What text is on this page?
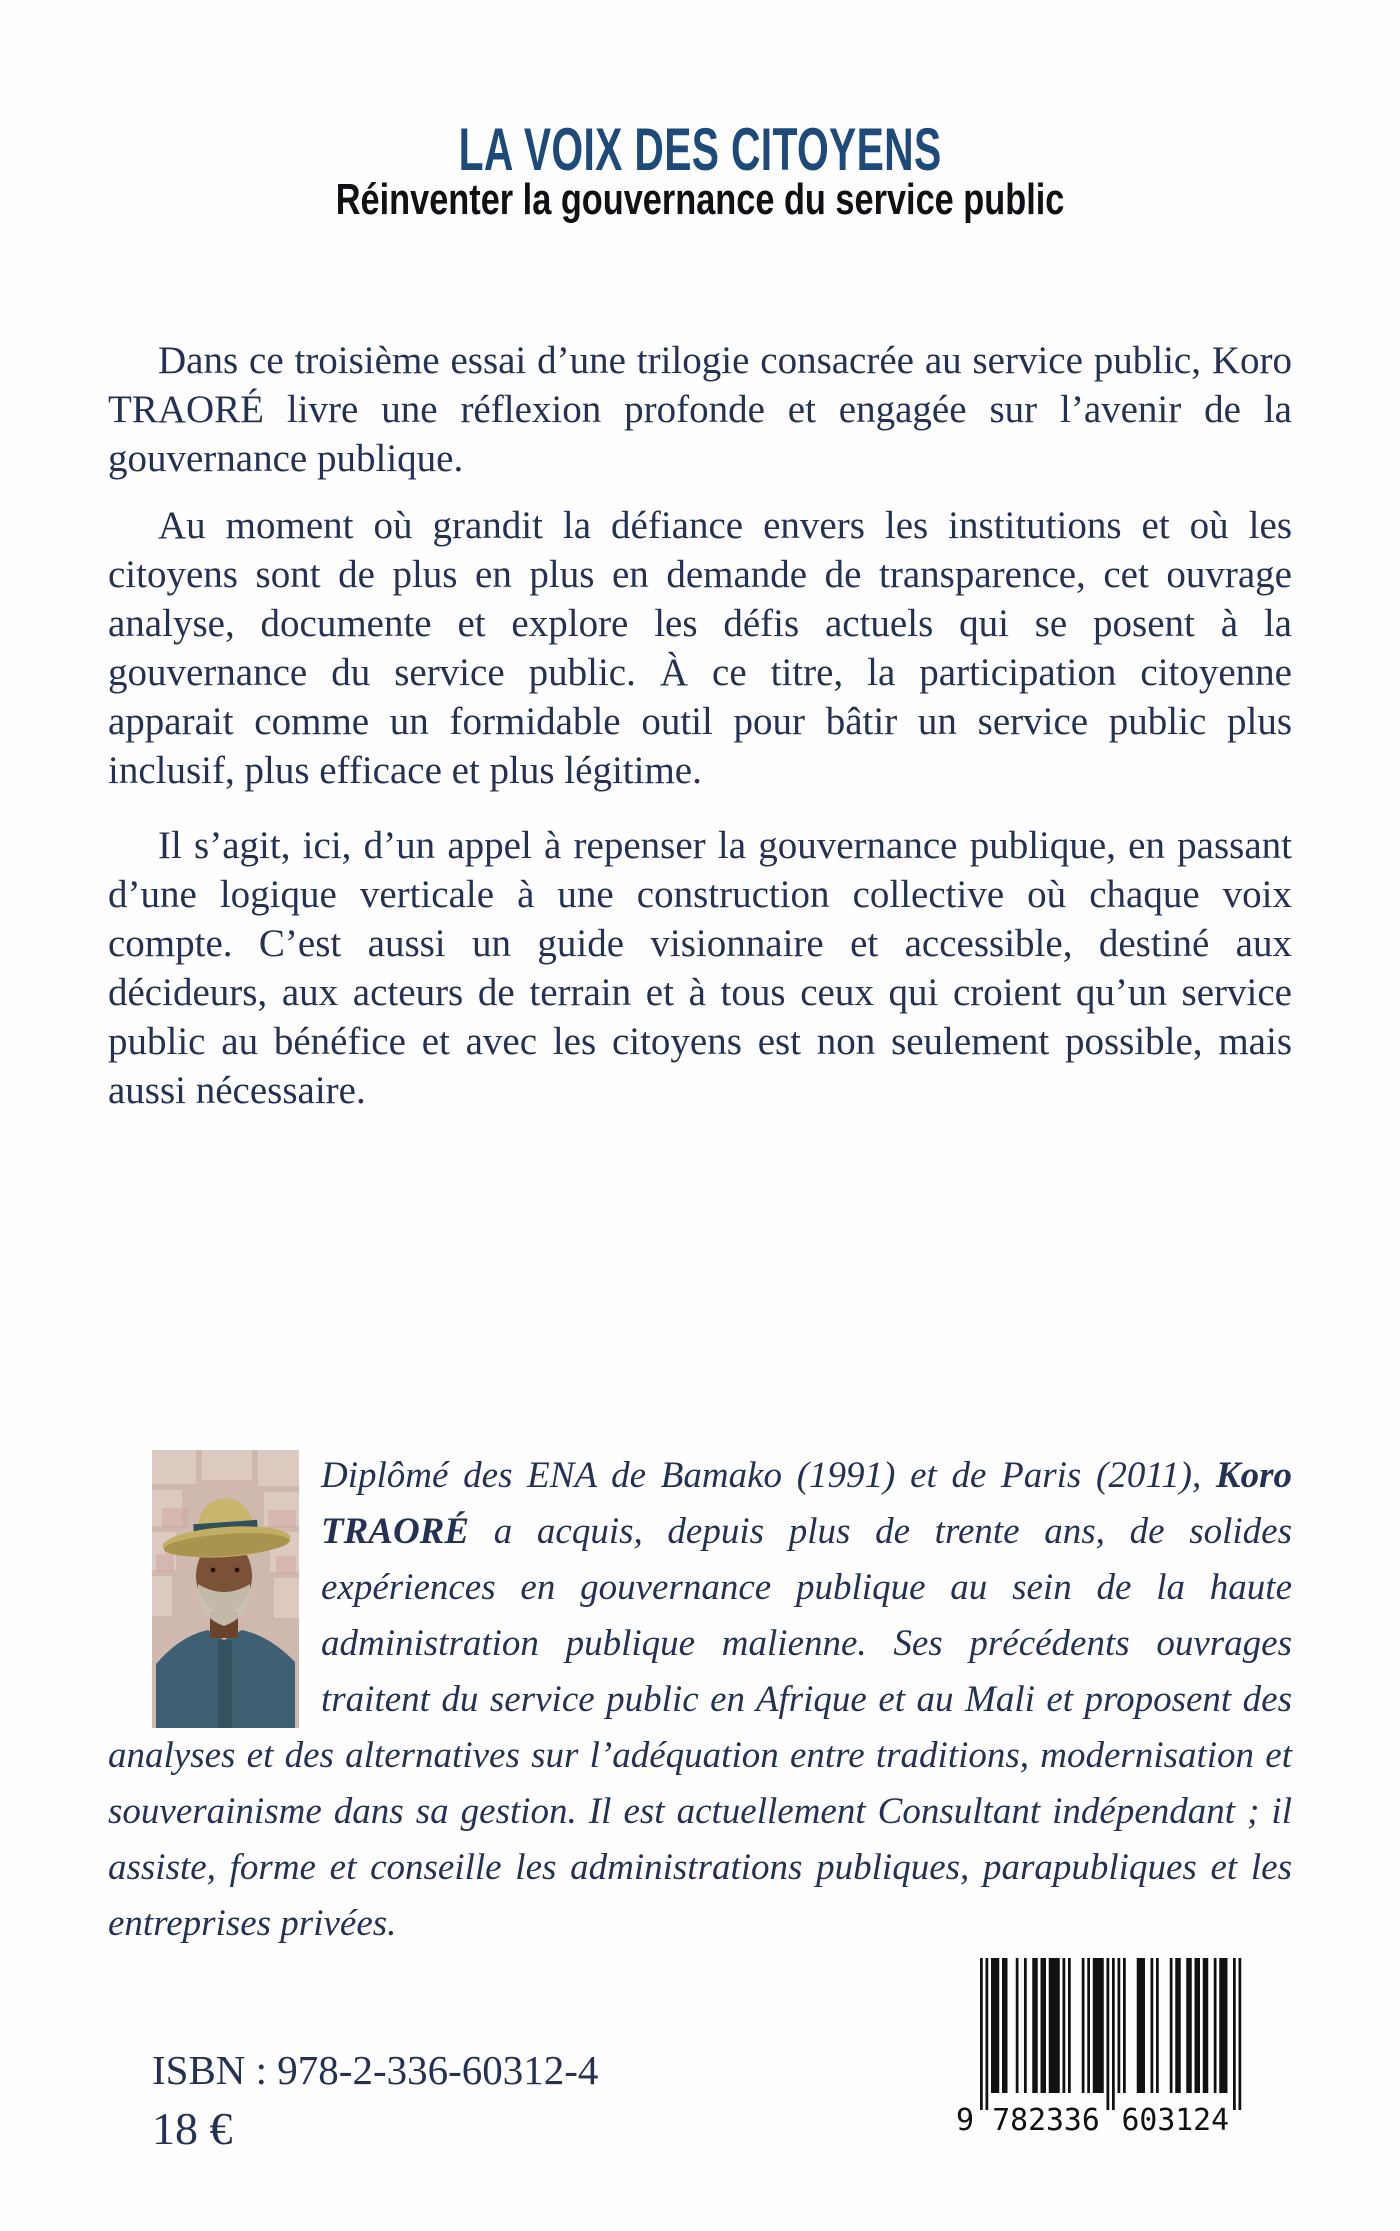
LA VOIX DES CITOYENS
Réinventer la gouvernance du service public

Dans ce troisième essai d’une trilogie consacrée au service public, Koro TRAORÉ livre une réflexion profonde et engagée sur l’avenir de la gouvernance publique.

Au moment où grandit la défiance envers les institutions et où les citoyens sont de plus en plus en demande de transparence, cet ouvrage analyse, documente et explore les défis actuels qui se posent à la gouvernance du service public. À ce titre, la participation citoyenne apparait comme un formidable outil pour bâtir un service public plus inclusif, plus efficace et plus légitime.

Il s’agit, ici, d’un appel à repenser la gouvernance publique, en passant d’une logique verticale à une construction collective où chaque voix compte. C’est aussi un guide visionnaire et accessible, destiné aux décideurs, aux acteurs de terrain et à tous ceux qui croient qu’un service public au bénéfice et avec les citoyens est non seulement possible, mais aussi nécessaire.

Diplômé des ENA de Bamako (1991) et de Paris (2011), Koro TRAORÉ a acquis, depuis plus de trente ans, de solides expériences en gouvernance publique au sein de la haute administration publique malienne. Ses précédents ouvrages traitent du service public en Afrique et au Mali et proposent des analyses et des alternatives sur l’adéquation entre traditions, modernisation et souverainisme dans sa gestion. Il est actuellement Consultant indépendant ; il assiste, forme et conseille les administrations publiques, parapubliques et les entreprises privées.
ISBN : 978-2-336-60312-4
18 €	9 782336 603124
